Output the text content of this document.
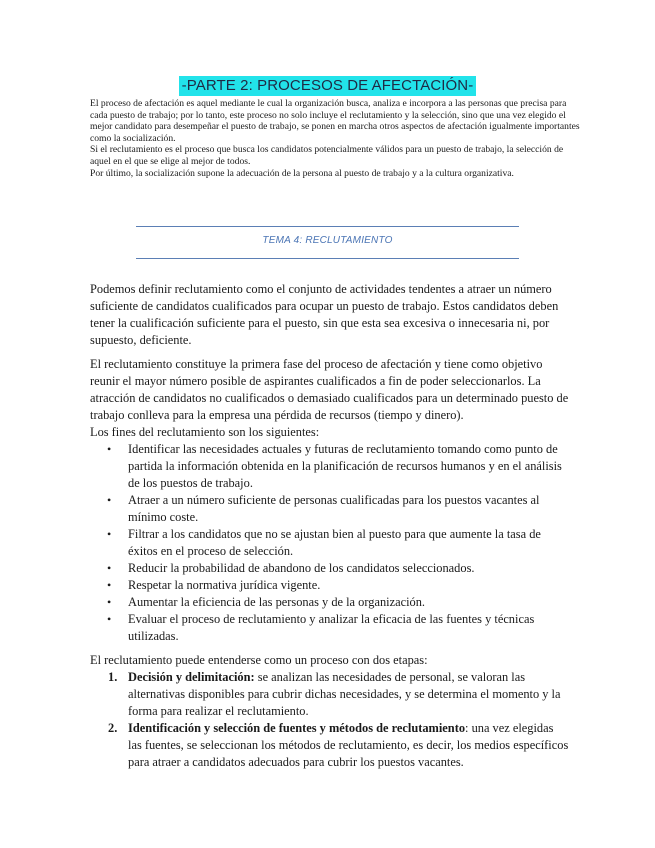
-PARTE 2: PROCESOS DE AFECTACIÓN-

El proceso de afectación es aquel mediante le cual la organización busca, analiza e incorpora a las personas que precisa para cada puesto de trabajo; por lo tanto, este proceso no solo incluye el reclutamiento y la selección, sino que una vez elegido el mejor candidato para desempeñar el puesto de trabajo, se ponen en marcha otros aspectos de afectación igualmente importantes como la socialización.

Si el reclutamiento es el proceso que busca los candidatos potencialmente válidos para un puesto de trabajo, la selección de aquel en el que se elige al mejor de todos.

Por último, la socialización supone la adecuación de la persona al puesto de trabajo y a la cultura organizativa.

TEMA 4: RECLUTAMIENTO

Podemos definir reclutamiento como el conjunto de actividades tendentes a atraer un número suficiente de candidatos cualificados para ocupar un puesto de trabajo. Estos candidatos deben tener la cualificación suficiente para el puesto, sin que esta sea excesiva o innecesaria ni, por supuesto, deficiente.

El reclutamiento constituye la primera fase del proceso de afectación y tiene como objetivo reunir el mayor número posible de aspirantes cualificados a fin de poder seleccionarlos. La atracción de candidatos no cualificados o demasiado cualificados para un determinado puesto de trabajo conlleva para la empresa una pérdida de recursos (tiempo y dinero).

Los fines del reclutamiento son los siguientes:

• Identificar las necesidades actuales y futuras de reclutamiento tomando como punto de partida la información obtenida en la planificación de recursos humanos y en el análisis de los puestos de trabajo.
• Atraer a un número suficiente de personas cualificadas para los puestos vacantes al mínimo coste.
• Filtrar a los candidatos que no se ajustan bien al puesto para que aumente la tasa de éxitos en el proceso de selección.
• Reducir la probabilidad de abandono de los candidatos seleccionados.
• Respetar la normativa jurídica vigente.
• Aumentar la eficiencia de las personas y de la organización.
• Evaluar el proceso de reclutamiento y analizar la eficacia de las fuentes y técnicas utilizadas.

El reclutamiento puede entenderse como un proceso con dos etapas:

1. Decisión y delimitación: se analizan las necesidades de personal, se valoran las alternativas disponibles para cubrir dichas necesidades, y se determina el momento y la forma para realizar el reclutamiento.
2. Identificación y selección de fuentes y métodos de reclutamiento: una vez elegidas las fuentes, se seleccionan los métodos de reclutamiento, es decir, los medios específicos para atraer a candidatos adecuados para cubrir los puestos vacantes.
